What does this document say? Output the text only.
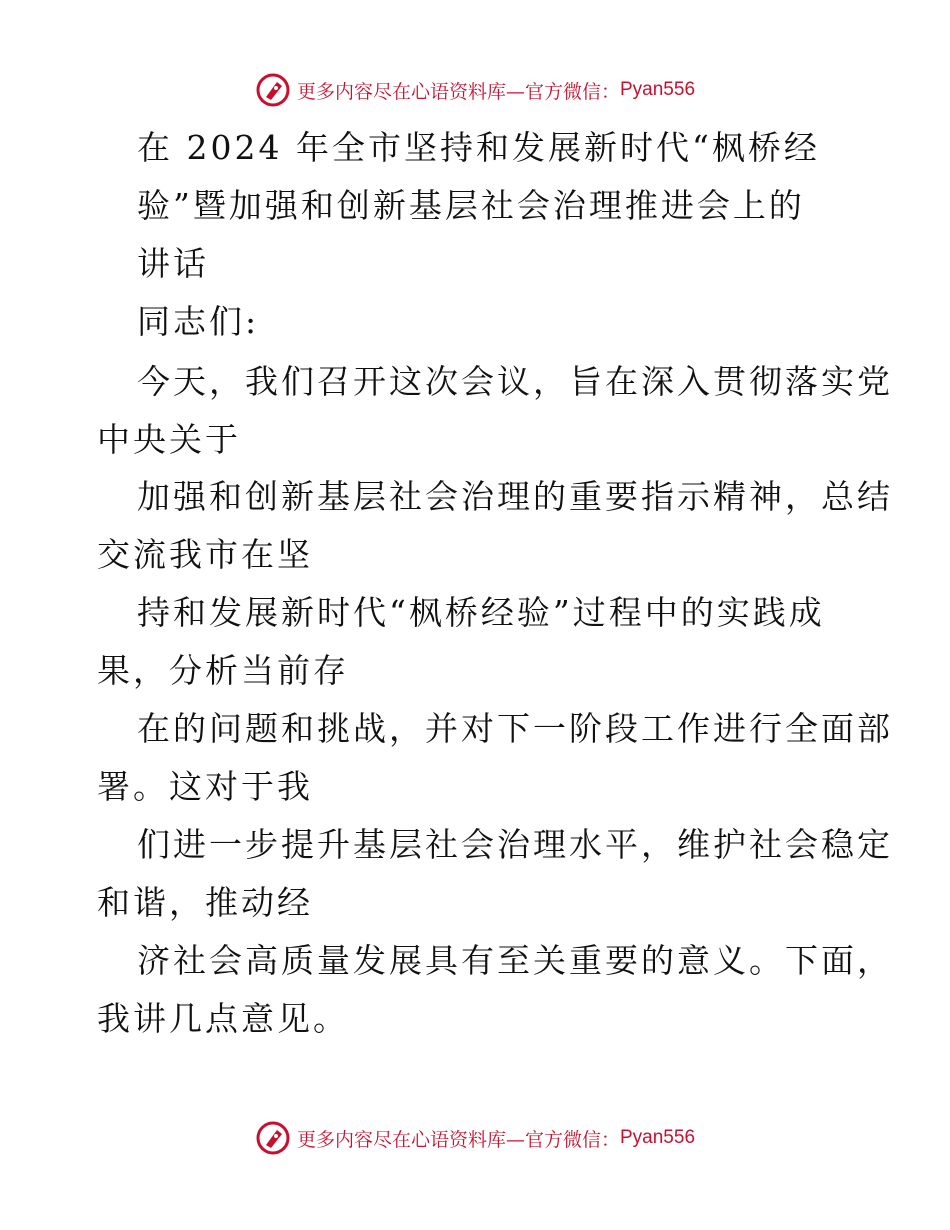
更多内容尽在心语资料库—官方微信： Pyan556
在 2024 年全市坚持和发展新时代“枫桥经
验”暨加强和创新基层社会治理推进会上的
讲话
同志们:
今天，我们召开这次会议，旨在深入贯彻落实党
中央关于
加强和创新基层社会治理的重要指示精神，总结
交流我市在坚
持和发展新时代“枫桥经验”过程中的实践成
果，分析当前存
在的问题和挑战，并对下一阶段工作进行全面部
署。这对于我
们进一步提升基层社会治理水平，维护社会稳定
和谐，推动经
济社会高质量发展具有至关重要的意义。下面，
我讲几点意见。
更多内容尽在心语资料库—官方微信： Pyan556
